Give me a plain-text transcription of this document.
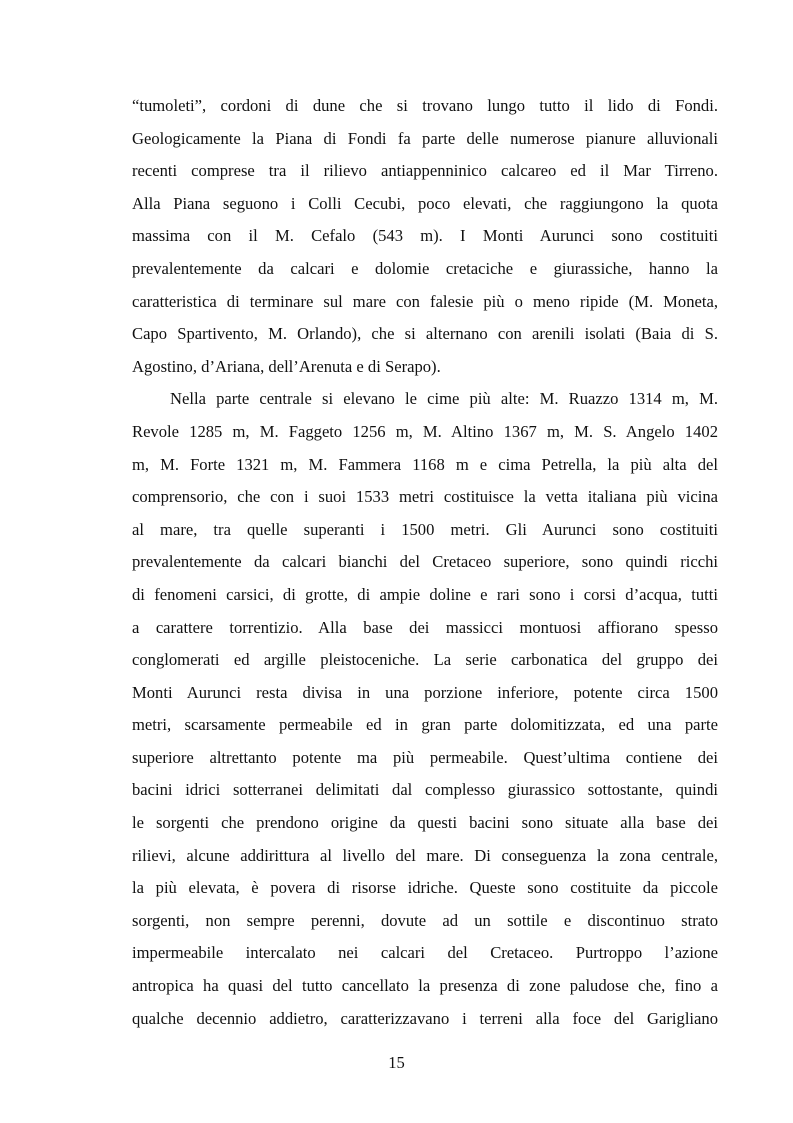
“tumoleti”, cordoni di dune che si trovano lungo tutto il lido di Fondi.
Geologicamente la Piana di Fondi fa parte delle numerose pianure alluvionali
recenti comprese tra il rilievo antiappenninico calcareo ed il Mar Tirreno.
Alla Piana seguono i Colli Cecubi, poco elevati, che raggiungono la quota
massima con il M. Cefalo (543 m). I Monti Aurunci sono costituiti
prevalentemente da calcari e dolomie cretaciche e giurassiche, hanno la
caratteristica di terminare sul mare con falesie più o meno ripide (M. Moneta,
Capo Spartivento, M. Orlando), che si alternano con arenili isolati (Baia di S.
Agostino, d’Ariana, dell’Arenuta e di Serapo).
Nella parte centrale si elevano le cime più alte: M. Ruazzo 1314 m, M.
Revole 1285 m, M. Faggeto 1256 m, M. Altino 1367 m, M. S. Angelo 1402
m, M. Forte 1321 m, M. Fammera 1168 m e cima Petrella, la più alta del
comprensorio, che con i suoi 1533 metri costituisce la vetta italiana più vicina
al mare, tra quelle superanti i 1500 metri. Gli Aurunci sono costituiti
prevalentemente da calcari bianchi del Cretaceo superiore, sono quindi ricchi
di fenomeni carsici, di grotte, di ampie doline e rari sono i corsi d’acqua, tutti
a carattere torrentizio. Alla base dei massicci montuosi affiorano spesso
conglomerati ed argille pleistoceniche. La serie carbonatica del gruppo dei
Monti Aurunci resta divisa in una porzione inferiore, potente circa 1500
metri, scarsamente permeabile ed in gran parte dolomitizzata, ed una parte
superiore altrettanto potente ma più permeabile. Quest’ultima contiene dei
bacini idrici sotterranei delimitati dal complesso giurassico sottostante, quindi
le sorgenti che prendono origine da questi bacini sono situate alla base dei
rilievi, alcune addirittura al livello del mare. Di conseguenza la zona centrale,
la più elevata, è povera di risorse idriche. Queste sono costituite da piccole
sorgenti, non sempre perenni, dovute ad un sottile e discontinuo strato
impermeabile intercalato nei calcari del Cretaceo. Purtroppo l’azione
antropica ha quasi del tutto cancellato la presenza di zone paludose che, fino a
qualche decennio addietro, caratterizzavano i terreni alla foce del Garigliano
15
